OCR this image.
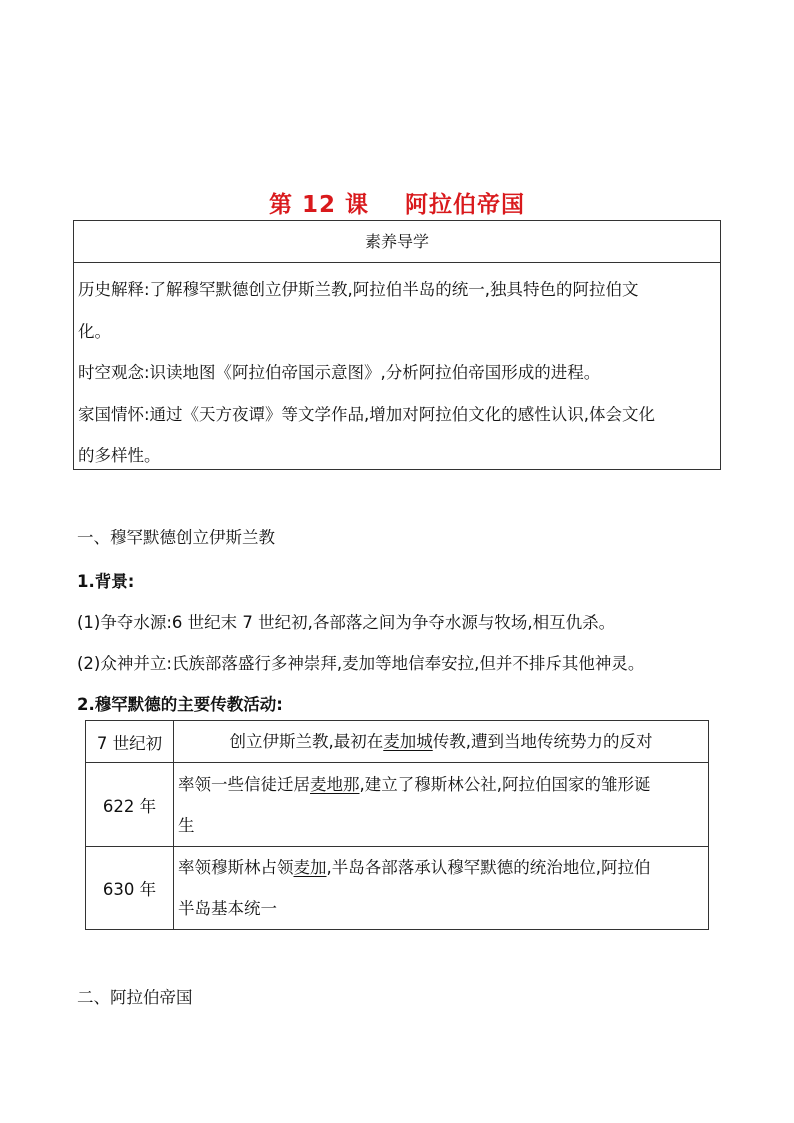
第 12 课 阿拉伯帝国
素养导学

历史解释:了解穆罕默德创立伊斯兰教,阿拉伯半岛的统一,独具特色的阿拉伯文

化。

时空观念:识读地图《阿拉伯帝国示意图》,分析阿拉伯帝国形成的进程。

家国情怀:通过《天方夜谭》等文学作品,增加对阿拉伯文化的感性认识,体会文化

的多样性。

一、穆罕默德创立伊斯兰教
1.背景:
(1)争夺水源:6 世纪末 7 世纪初,各部落之间为争夺水源与牧场,相互仇杀。
(2)众神并立:氏族部落盛行多神崇拜,麦加等地信奉安拉,但并不排斥其他神灵。
2.穆罕默德的主要传教活动:
7 世纪初	创立伊斯兰教,最初在麦加城传教,遭到当地传统势力的反对
622 年	率领一些信徒迁居麦地那,建立了穆斯林公社,阿拉伯国家的雏形诞
生
630 年	率领穆斯林占领麦加,半岛各部落承认穆罕默德的统治地位,阿拉伯
半岛基本统一
二、阿拉伯帝国
